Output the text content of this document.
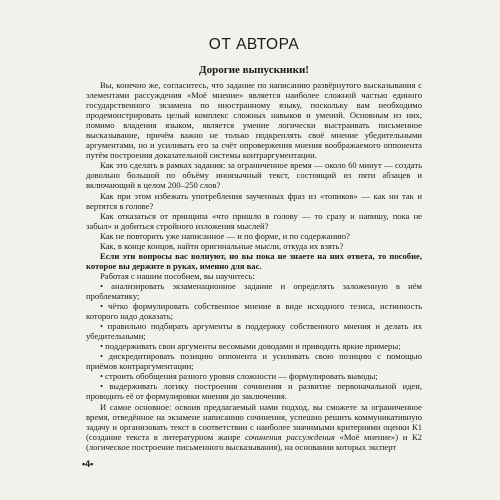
ОТ АВТОРА
Дорогие выпускники!

Вы, конечно же, согласитесь, что задание по написанию развёрнутого высказывания с элементами рассуждения «Моё мнение» является наиболее сложной частью единого государственного экзамена по иностранному языку, поскольку вам необходимо продемонстрировать целый комплекс сложных навыков и умений. Основным из них, помимо владения языком, является умение логически выстраивать письменное высказывание, причём важно не только подкреплять своё мнение убедительными аргументами, но и усиливать его за счёт опровержения мнения воображаемого оппонента путём построения доказательной системы контраргументации.

Как это сделать в рамках задания: за ограниченное время — около 60 минут — создать довольно большой по объёму иноязычный текст, состоящий из пяти абзацев и включающий в целом 200–250 слов?

Как при этом избежать употребления заученных фраз из «топиков» — как ни так и вертятся в голове?

Как отказаться от принципа «что пришло в голову — то сразу и напишу, пока не забыл» и добиться стройного изложения мыслей?

Как не повторить уже написанное — и по форме, и по содержанию?

Как, в конце концов, найти оригинальные мысли, откуда их взять?

Если эти вопросы вас волнуют, но вы пока не знаете на них ответа, то пособие, которое вы держите в руках, именно для вас.

Работая с нашим пособием, вы научитесь:

• анализировать экзаменационное задание и определять заложенную в нём проблематику;
• чётко формулировать собственное мнение в виде исходного тезиса, истинность которого надо доказать;
• правильно подбирать аргументы в поддержку собственного мнения и делать их убедительными;
• поддерживать свои аргументы весомыми доводами и приводить яркие примеры;
• дискредитировать позицию оппонента и усиливать свою позицию с помощью приёмов контраргументации;
• строить обобщения разного уровня сложности — формулировать выводы;
• выдерживать логику построения сочинения и развитие первоначальной идеи, проводить её от формулировки мнения до заключения.

И самое основное: освоив предлагаемый нами подход, вы сможете за ограниченное время, отведённое на экзамене написанию сочинения, успешно решить коммуникативную задачу и организовать текст в соответствии с наиболее значимыми критериями оценки К1 (создание текста в литературном жанре сочинения рассуждения «Моё мнение») и К2 (логическое построение письменного высказывания), на основании которых эксперт

•4•
